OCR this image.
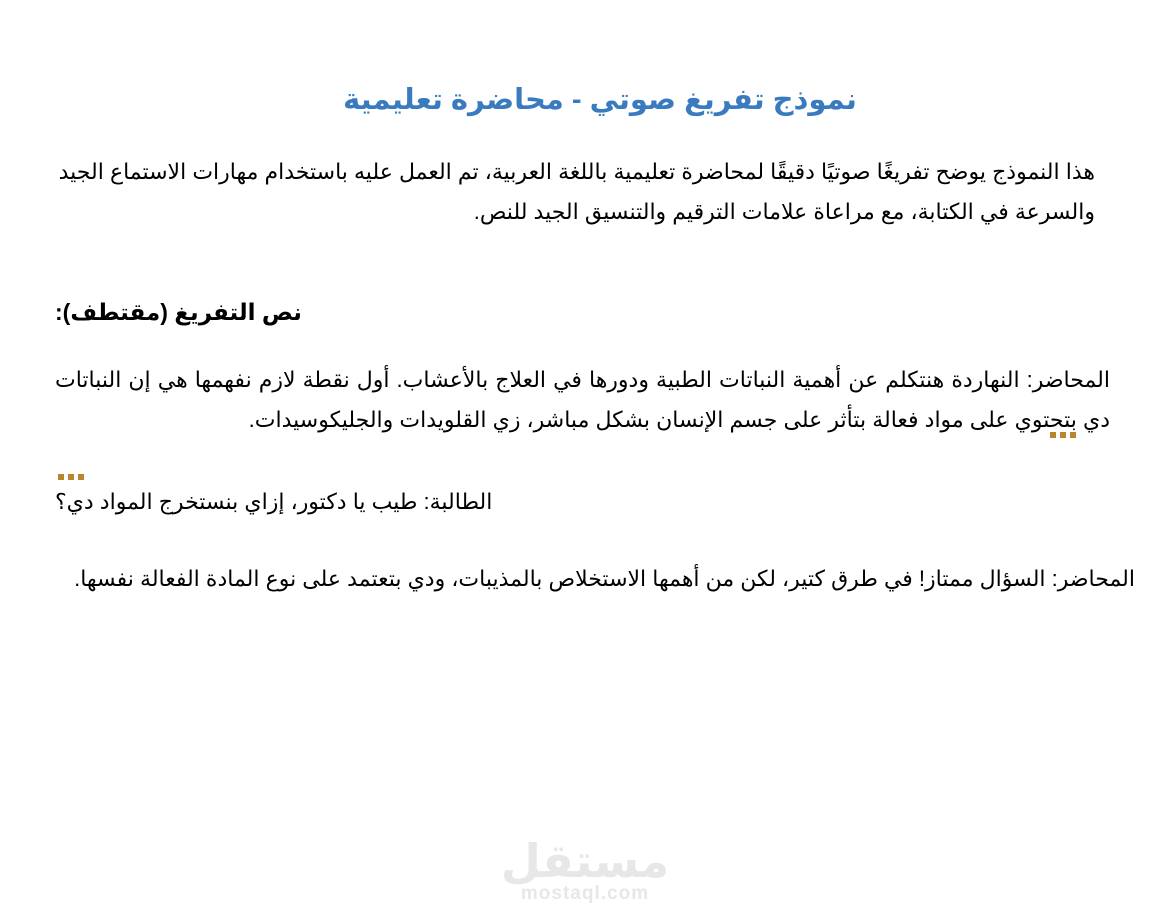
نموذج تفريغ صوتي - محاضرة تعليمية

هذا النموذج يوضح تفريغًا صوتيًا دقيقًا لمحاضرة تعليمية باللغة العربية، تم العمل عليه باستخدام مهارات الاستماع الجيد والسرعة في الكتابة، مع مراعاة علامات الترقيم والتنسيق الجيد للنص.

نص التفريغ (مقتطف):

المحاضر: النهاردة هنتكلم عن أهمية النباتات الطبية ودورها في العلاج بالأعشاب. أول نقطة لازم نفهمها هي إن النباتات دي بتحتوي على مواد فعالة بتأثر على جسم الإنسان بشكل مباشر، زي القلويدات والجليكوسيدات.

الطالبة: طيب يا دكتور، إزاي بنستخرج المواد دي؟

المحاضر: السؤال ممتاز! في طرق كتير، لكن من أهمها الاستخلاص بالمذيبات، ودي بتعتمد على نوع المادة الفعالة نفسها.

مستقل
mostaql.com
